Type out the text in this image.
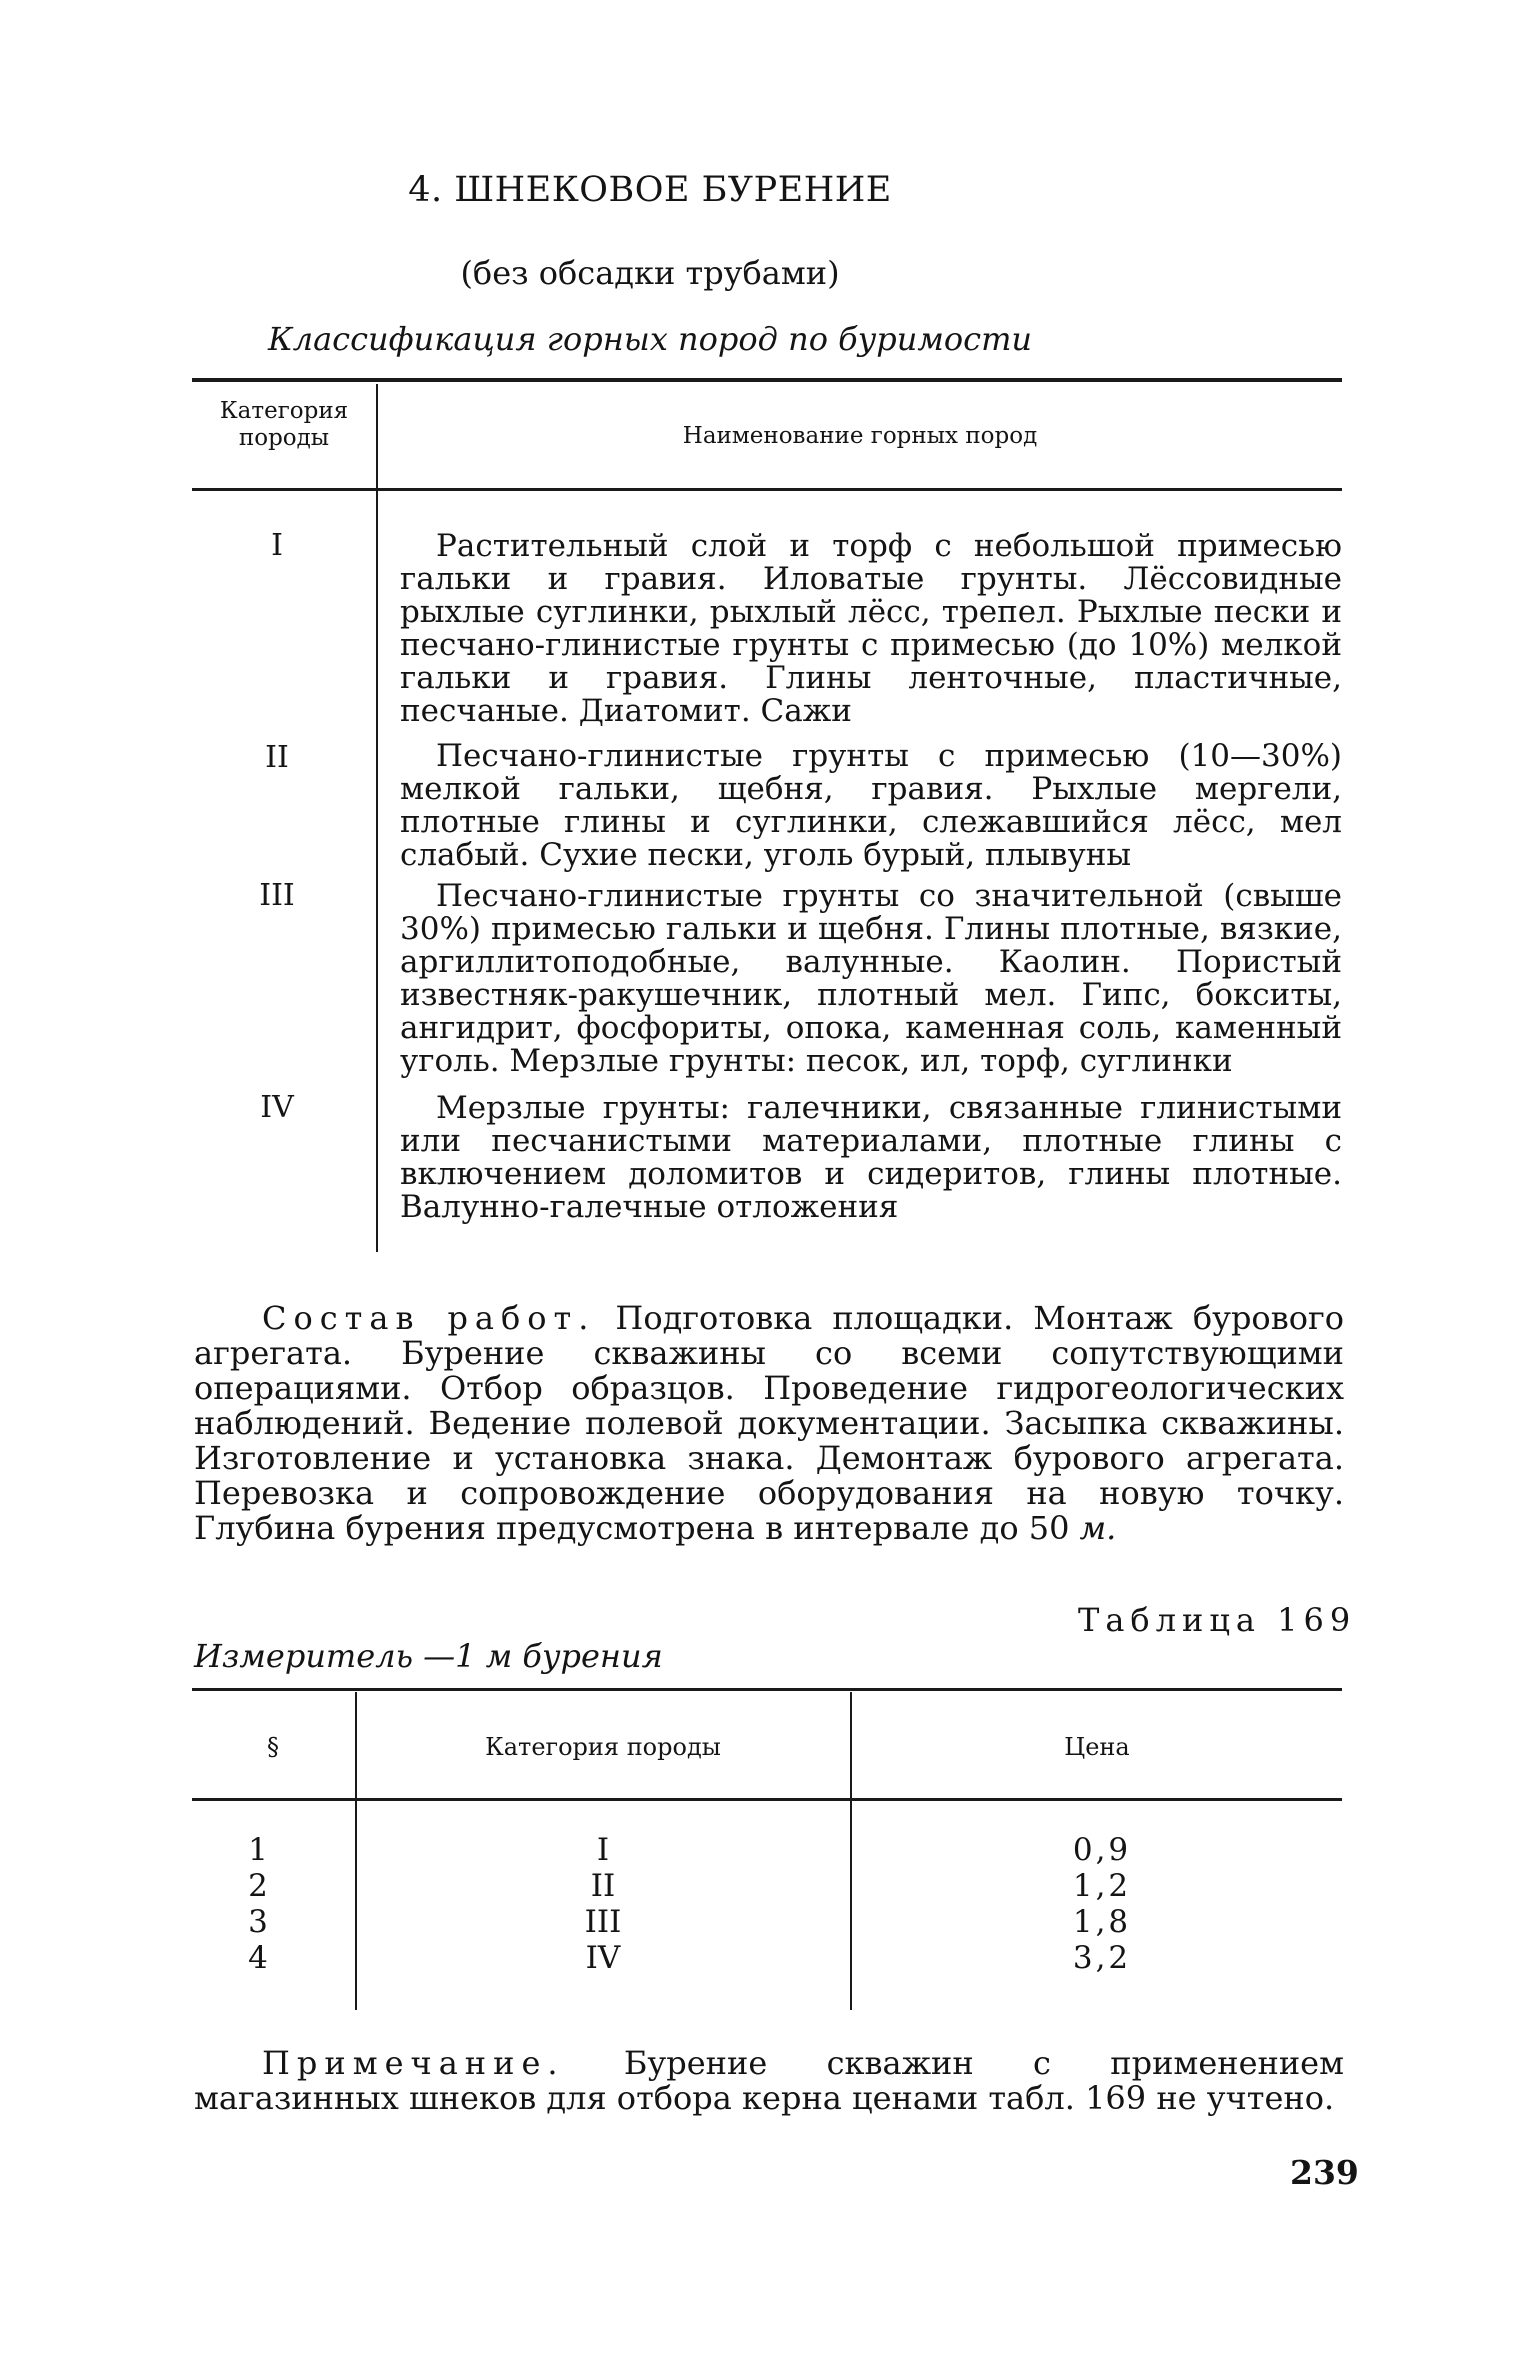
4. ШНЕКОВОЕ БУРЕНИЕ
(без обсадки трубами)
Классификация горных пород по буримости
Категория породы	Наименование горных пород
I	Растительный слой и торф с небольшой примесью гальки и гравия. Иловатые грунты. Лёссовидные рыхлые суглинки, рыхлый лёсс, трепел. Рыхлые пески и песчано-глинистые грунты с примесью (до 10%) мелкой гальки и гравия. Глины ленточные, пластичные, песчаные. Диатомит. Сажи

II	Песчано-глинистые грунты с примесью (10—30%) мелкой гальки, щебня, гравия. Рыхлые мергели, плотные глины и суглинки, слежавшийся лёсс, мел слабый. Сухие пески, уголь бурый, плывуны

III	Песчано-глинистые грунты со значительной (свыше 30%) примесью гальки и щебня. Глины плотные, вязкие, аргиллитоподобные, валунные. Каолин. Пористый известняк-ракушечник, плотный мел. Гипс, бокситы, ангидрит, фосфориты, опока, каменная соль, каменный уголь. Мерзлые грунты: песок, ил, торф, суглинки

IV	Мерзлые грунты: галечники, связанные глинистыми или песчанистыми материалами, плотные глины с включением доломитов и сидеритов, глины плотные. Валунно-галечные отложения

Состав работ. Подготовка площадки. Монтаж бурового агрегата. Бурение скважины со всеми сопутствующими операциями. Отбор образцов. Проведение гидрогеологических наблюдений. Ведение полевой документации. Засыпка скважины. Изготовление и установка знака. Демонтаж бурового агрегата. Перевозка и сопровождение оборудования на новую точку. Глубина бурения предусмотрена в интервале до 50 м.

Таблица 169
Измеритель —1 м бурения
§	Категория породы	Цена
1	I	0,9
2	II	1,2
3	III	1,8
4	IV	3,2

Примечание. Бурение скважин с применением магазинных шнеков для отбора керна ценами табл. 169 не учтено.

239
